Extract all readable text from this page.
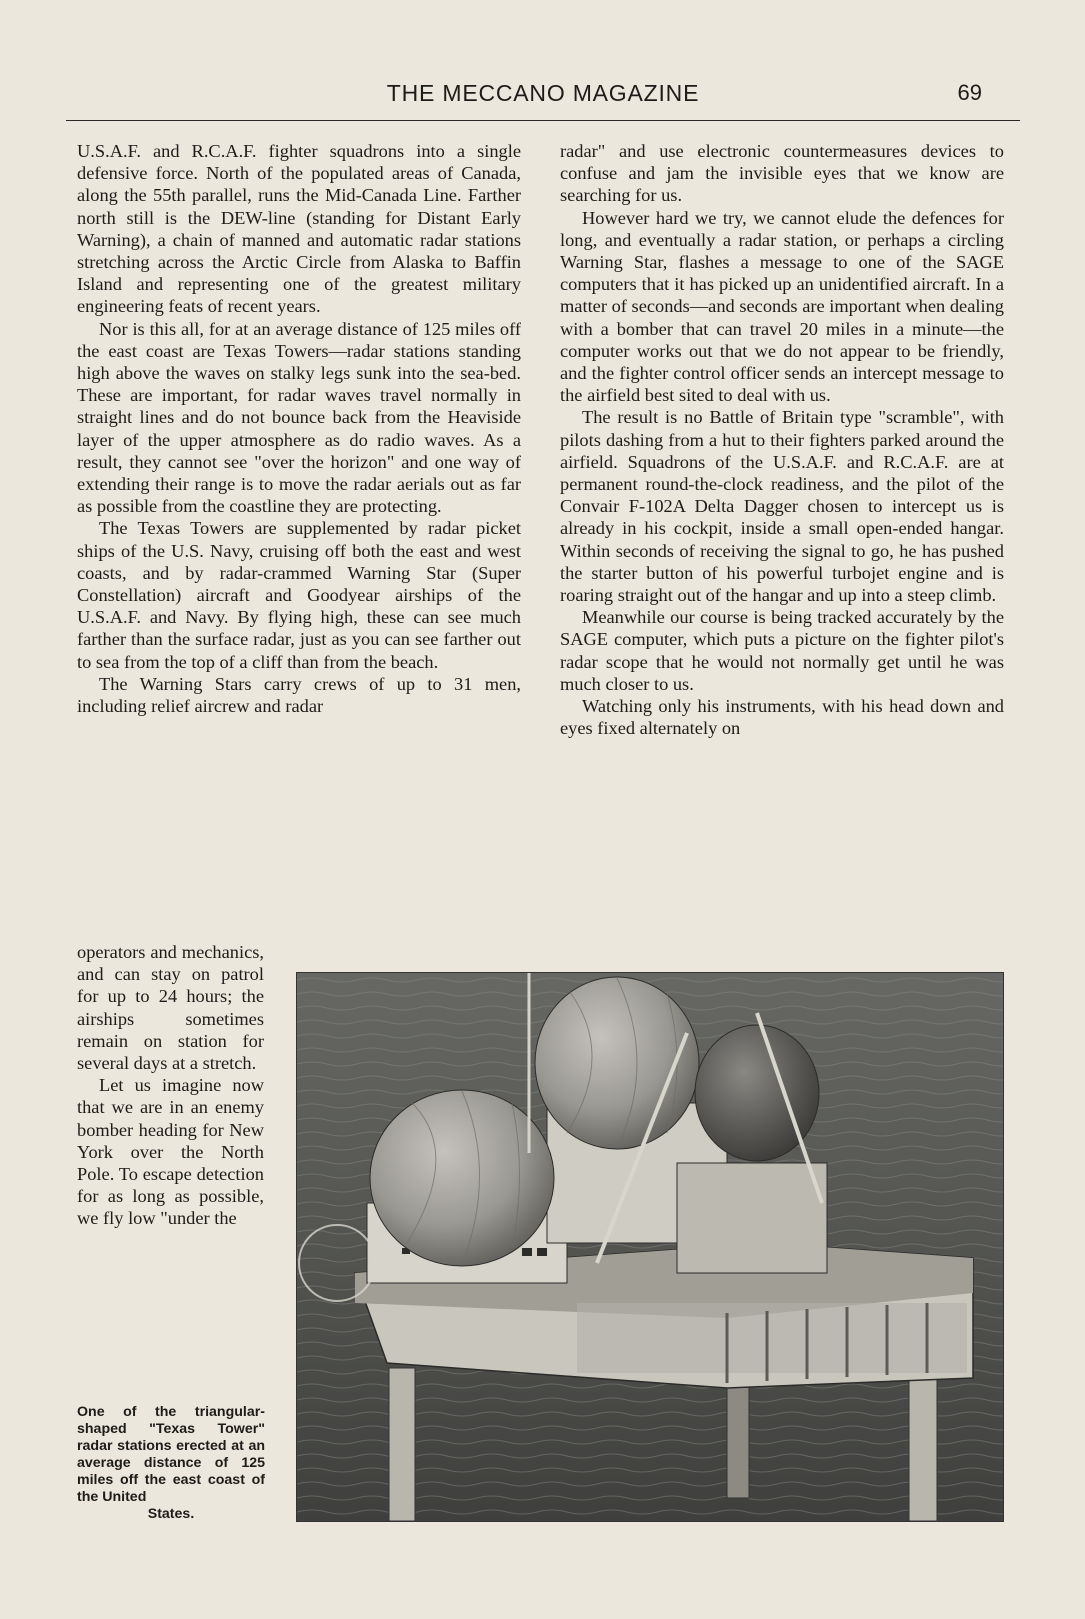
THE MECCANO MAGAZINE	69

U.S.A.F. and R.C.A.F. fighter squadrons into a single defensive force. North of the populated areas of Canada, along the 55th parallel, runs the Mid-Canada Line. Farther north still is the DEW-line (standing for Distant Early Warning), a chain of manned and automatic radar stations stretching across the Arctic Circle from Alaska to Baffin Island and representing one of the greatest military engineering feats of recent years.

Nor is this all, for at an average distance of 125 miles off the east coast are Texas Towers—radar stations standing high above the waves on stalky legs sunk into the sea-bed. These are important, for radar waves travel normally in straight lines and do not bounce back from the Heaviside layer of the upper atmosphere as do radio waves. As a result, they cannot see "over the horizon" and one way of extending their range is to move the radar aerials out as far as possible from the coastline they are protecting.

The Texas Towers are supplemented by radar picket ships of the U.S. Navy, cruising off both the east and west coasts, and by radar-crammed Warning Star (Super Constellation) aircraft and Goodyear airships of the U.S.A.F. and Navy. By flying high, these can see much farther than the surface radar, just as you can see farther out to sea from the top of a cliff than from the beach.

The Warning Stars carry crews of up to 31 men, including relief aircrew and radar

operators and mechanics, and can stay on patrol for up to 24 hours; the airships sometimes remain on station for several days at a stretch.

Let us imagine now that we are in an enemy bomber heading for New York over the North Pole. To escape detection for as long as possible, we fly low "under the

radar" and use electronic countermeasures devices to confuse and jam the invisible eyes that we know are searching for us.

However hard we try, we cannot elude the defences for long, and eventually a radar station, or perhaps a circling Warning Star, flashes a message to one of the SAGE computers that it has picked up an unidentified aircraft. In a matter of seconds—and seconds are important when dealing with a bomber that can travel 20 miles in a minute—the computer works out that we do not appear to be friendly, and the fighter control officer sends an intercept message to the airfield best sited to deal with us.

The result is no Battle of Britain type "scramble", with pilots dashing from a hut to their fighters parked around the airfield. Squadrons of the U.S.A.F. and R.C.A.F. are at permanent round-the-clock readiness, and the pilot of the Convair F-102A Delta Dagger chosen to intercept us is already in his cockpit, inside a small open-ended hangar. Within seconds of receiving the signal to go, he has pushed the starter button of his powerful turbojet engine and is roaring straight out of the hangar and up into a steep climb.

Meanwhile our course is being tracked accurately by the SAGE computer, which puts a picture on the fighter pilot's radar scope that he would not normally get until he was much closer to us.

Watching only his instruments, with his head down and eyes fixed alternately on

One of the triangular-shaped "Texas Tower" radar stations erected at an average distance of 125 miles off the east coast of the United
States.
